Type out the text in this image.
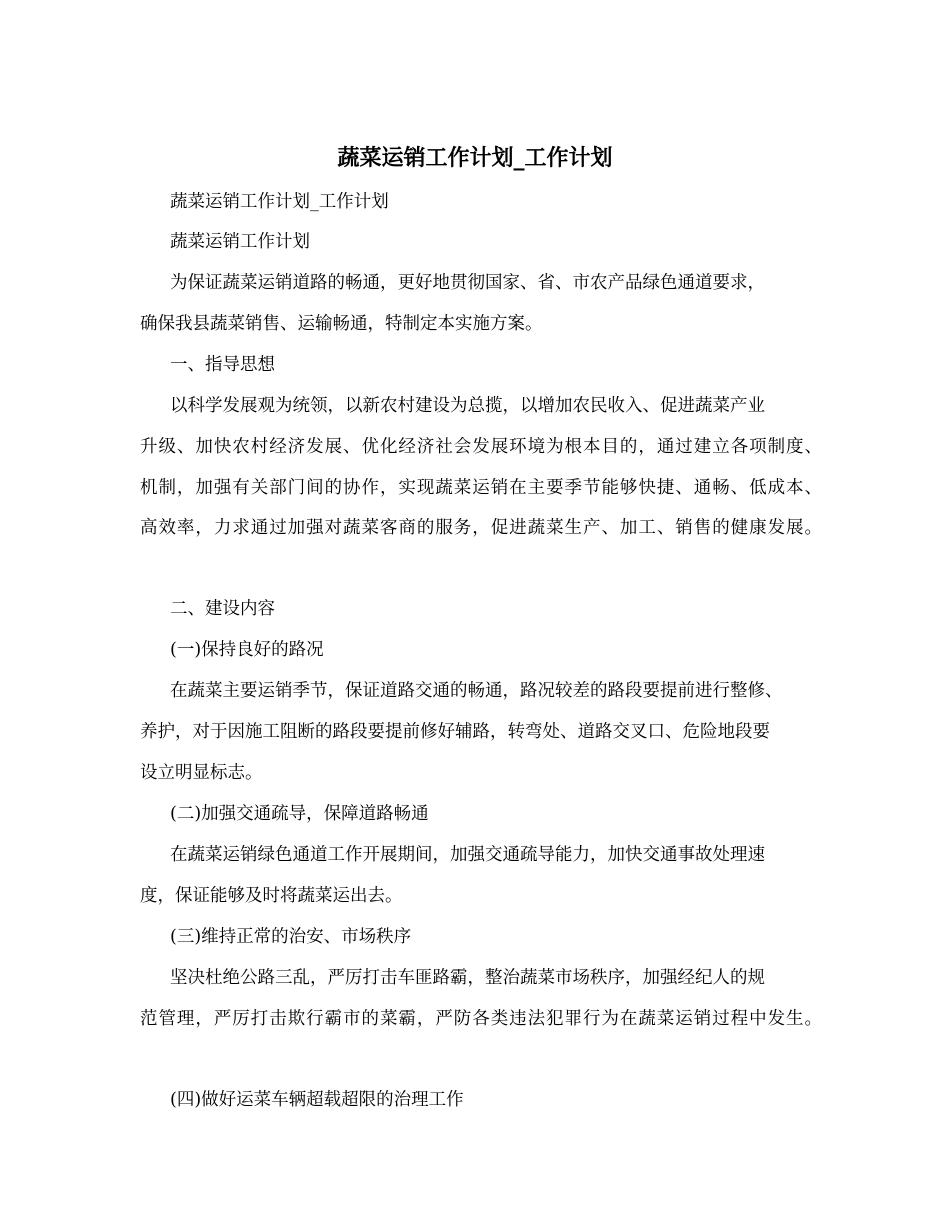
蔬菜运销工作计划_工作计划
蔬菜运销工作计划_工作计划
蔬菜运销工作计划
为保证蔬菜运销道路的畅通，更好地贯彻国家、省、市农产品绿色通道要求，
确保我县蔬菜销售、运输畅通，特制定本实施方案。
一、指导思想
以科学发展观为统领，以新农村建设为总揽，以增加农民收入、促进蔬菜产业
升级、加快农村经济发展、优化经济社会发展环境为根本目的，通过建立各项制度、
机制，加强有关部门间的协作，实现蔬菜运销在主要季节能够快捷、通畅、低成本、
高效率，力求通过加强对蔬菜客商的服务，促进蔬菜生产、加工、销售的健康发展。
二、建设内容
(一)保持良好的路况
在蔬菜主要运销季节，保证道路交通的畅通，路况较差的路段要提前进行整修、
养护，对于因施工阻断的路段要提前修好辅路，转弯处、道路交叉口、危险地段要
设立明显标志。
(二)加强交通疏导，保障道路畅通
在蔬菜运销绿色通道工作开展期间，加强交通疏导能力，加快交通事故处理速
度，保证能够及时将蔬菜运出去。
(三)维持正常的治安、市场秩序
坚决杜绝公路三乱，严厉打击车匪路霸，整治蔬菜市场秩序，加强经纪人的规
范管理，严厉打击欺行霸市的菜霸，严防各类违法犯罪行为在蔬菜运销过程中发生。
(四)做好运菜车辆超载超限的治理工作
